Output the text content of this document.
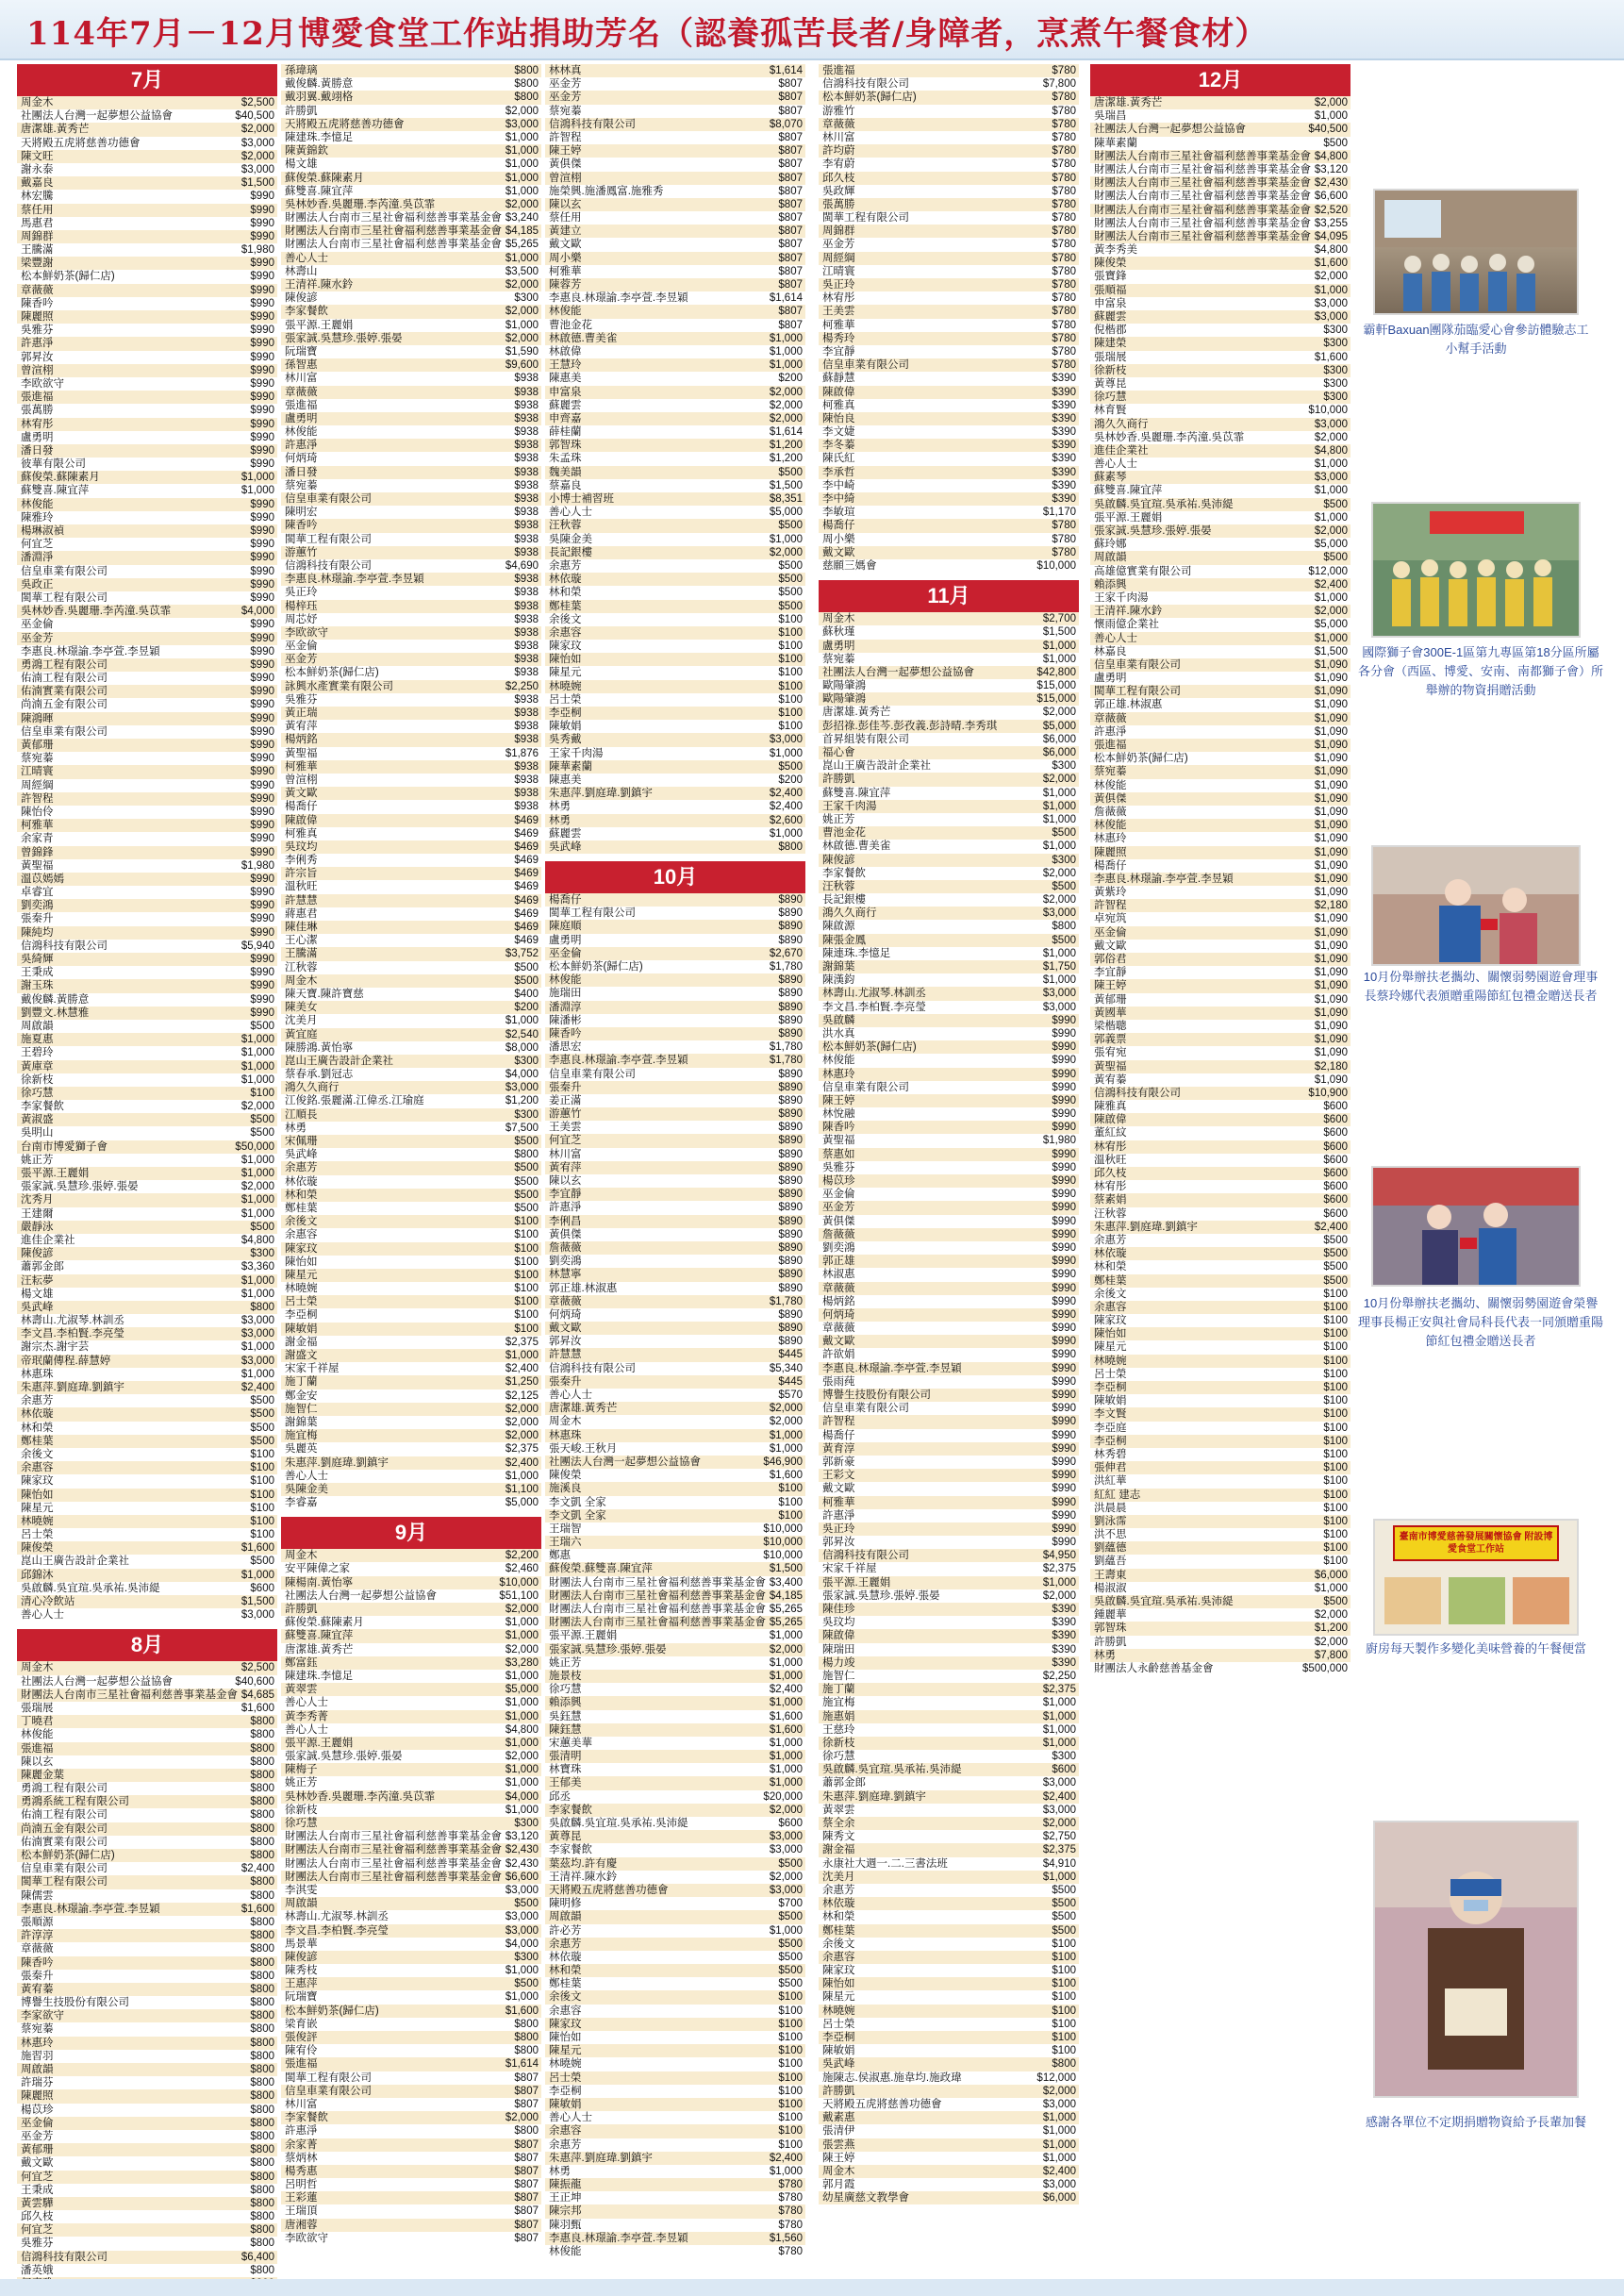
114年7月－12月博愛食堂工作站捐助芳名（認養孤苦長者/身障者，烹煮午餐食材）
7月
周金木	$2,500
社團法人台灣一起夢想公益協會	$40,500
唐潔雄.黃秀芒	$2,000
天將殿五虎將慈善功德會	$3,000
陳文旺	$2,000
謝永泰	$3,000
戴嘉良	$1,500
林宏騰	$990
蔡任用	$990
馬惠君	$990
周錦群	$990
王騰滿	$1,980
梁豐謝	$990
松本鮮奶茶(歸仁店)	$990
章薇薇	$990
陳香吟	$990
陳麗照	$990
吳雅芬	$990
許惠淨	$990
郭昇汝	$990
曾渲栩	$990
李欧欲守	$990
張進福	$990
張萬勝	$990
林宥彤	$990
盧勇明	$990
潘日發	$990
彼華有限公司	$990
蘇俊榮.蘇陳素月	$1,000
蘇雙喜.陳宜萍	$1,000
林俊能	$990
陳雅玲	$990
楊琳淑禎	$990
何宜芝	$990
潘淵淨	$990
信皇車業有限公司	$990
吳政正	$990
閩華工程有限公司	$990
吳林妙香.吳麗珊.李芮潼.吳苡霏	$4,000
巫金倫	$990
巫金芳	$990
李惠良.林璟諭.李亭萱.李昱穎	$990
勇鴻工程有限公司	$990
佑湳工程有限公司	$990
佑湳實業有限公司	$990
尚湳五金有限公司	$990
陳鴻暉	$990
信皇車業有限公司	$990
黃郁珊	$990
蔡宛蓁	$990
江晴寰	$990
周經綱	$990
許智程	$990
陳怡伶	$990
柯雅華	$990
余家青	$990
曾錦鋒	$990
黃聖福	$1,980
溫苡嫣嫣	$990
卓睿宜	$990
劉奕鴻	$990
張秦升	$990
陳純均	$990
信鴻科技有限公司	$5,940
吳綺輝	$990
王秉成	$990
謝玉珠	$990
戴俊麟.黃勝意	$990
劉豐文.林慧雅	$990
周啟韻	$500
施夏惠	$1,000
王碧玲	$1,000
黃庫章	$1,000
徐新枝	$1,000
徐巧慧	$100
李家餐飲	$2,000
黃淑盛	$500
吳明山	$500
台南市博愛獅子會	$50,000
姚正芳	$1,000
張平源.王麗娟	$1,000
張家誠.吳慧珍.張婷.張晏	$2,000
沈秀月	$1,000
王建爾	$1,000
嚴靜泳	$500
進佳企業社	$4,800
陳俊諺	$300
蕭郭金郎	$3,360
汪耘夢	$1,000
楊文雄	$1,000
吳武峰	$800
林壽山.尤淑琴.林訓丞	$3,000
李文昌.李柏賢.李亮瑩	$3,000
謝宗杰.謝宇芸	$1,000
帝珉蘭傳程.薛慧婷	$3,000
林惠珠	$1,000
朱惠萍.劉庭瑋.劉鎮宇	$2,400
余惠芳	$500
林依璇	$500
林和榮	$500
鄭桂葉	$500
余後文	$100
余惠容	$100
陳家玟	$100
陳怡如	$100
陳星元	$100
林曉婉	$100
呂士榮	$100
陳俊榮	$1,600
崑山王廣告設計企業社	$500
邱錦沐	$1,000
吳啟麟.吳宜瑄.吳承祐.吳沛緹	$600
清心冷飲站	$1,500
善心人士	$3,000
8月
周金木	$2,500
社團法人台灣一起夢想公益協會	$40,600
財團法人台南市三星社會福利慈善事業基金會 $4,685
張瑞展	$1,600
丁曉君	$800
林俊能	$800
張進福	$800
陳以玄	$800
陳麗金葉	$800
勇鴻工程有限公司	$800
勇鴻系統工程有限公司	$800
佑湳工程有限公司	$800
尚湳五金有限公司	$800
佑湳實業有限公司	$800
松本鮮奶茶(歸仁店)	$800
信皇車業有限公司	$2,400
閩華工程有限公司	$800
陳儒雲	$800
李惠良.林璟諭.李亭萱.李昱穎	$1,600
張順源	$800
許淳淳	$800
章薇薇	$800
陳香吟	$800
張秦升	$800
黃宥蓁	$800
博譽生技股份有限公司	$800
李家欲守	$800
蔡宛蓁	$800
林惠玲	$800
施習羽	$800
周啟韻	$800
許瑞芬	$800
陳麗照	$800
楊苡珍	$800
巫金倫	$800
巫金芳	$800
黃郁珊	$800
戴文歐	$800
何宜芝	$800
王秉成	$800
黃雲驊	$800
邱久枝	$800
何宜芝	$800
吳雅芬	$800
信鴻科技有限公司	$6,400
潘英娥	$800
孫瑋璃	$800
戴俊麟.黃勝意	$800
戴羽翼.戴翊格	$800
許勝凱	$2,000
天將殿五虎將慈善功德會	$3,000
陳建珠.李憶足	$1,000
陳黃錦欽	$1,000
楊文雄	$1,000
蘇俊榮.蘇陳素月	$1,000
蘇雙喜.陳宜萍	$1,000
吳林妙香.吳麗珊.李芮潼.吳苡霏	$2,000
財團法人台南市三星社會福利慈善事業基金會 $3,240
財團法人台南市三星社會福利慈善事業基金會 $4,185
財團法人台南市三星社會福利慈善事業基金會 $5,265
善心人士	$1,000
林壽山	$3,500
王清祥.陳水鈐	$2,000
陳俊諺	$300
李家餐飲	$2,000
張平源.王麗娟	$1,000
張家誠.吳慧珍.張婷.張晏	$2,000
阮瑞寶	$1,590
孫智惠	$9,600
林川富	$938
章薇薇	$938
張進福	$938
盧勇明	$938
林俊能	$938
許惠淨	$938
何炳琦	$938
潘日發	$938
蔡宛蓁	$938
信皇車業有限公司	$938
陳明宏	$938
陳香吟	$938
閩華工程有限公司	$938
游蕙竹	$938
信鴻科技有限公司	$4,690
李惠良.林璟諭.李亭萱.李昱穎	$938
吳正玲	$938
楊梓珏	$938
周芯妤	$938
李欧欲守	$938
巫金倫	$938
巫金芳	$938
松本鮮奶茶(歸仁店)	$938
詠興水產實業有限公司	$2,250
吳雅芬	$938
黃正瑞	$938
黃宥萍	$938
楊炳銘	$938
黃聖福	$1,876
柯雅華	$938
曾渲栩	$938
黃文歐	$938
楊喬仔	$938
陳啟偉	$469
柯雅真	$469
吳玟均	$469
李俐秀	$469
許宗旨	$469
溫秋旺	$469
許慧慧	$469
蔣惠君	$469
陳佳琳	$469
王心潔	$469
王騰滿	$3,752
江秋蓉	$500
周金木	$500
陳天寶.陳許寶慈	$400
陳美女	$200
沈美月	$1,000
黃宜庭	$2,540
陳勝鴻.黃怡寧	$8,000
崑山王廣告設計企業社	$300
蔡春承.劉冠志	$4,000
鴻久久商行	$3,000
江俊銘.張麗滿.江偉丞.江瑜庭	$1,200
江順長	$300
林勇	$7,500
宋佩珊	$500
吳武峰	$800
余惠芳	$500
林依璇	$500
林和榮	$500
鄭桂葉	$500
余後文	$100
余惠容	$100
陳家玟	$100
陳怡如	$100
陳星元	$100
林曉婉	$100
呂士榮	$100
李亞桐	$100
陳敏娟	$100
謝金福	$2,375
謝盛文	$1,000
宋家千祥屋	$2,400
施丁蘭	$1,250
鄭金安	$2,125
施智仁	$2,000
謝錦葉	$2,000
施宜梅	$2,000
吳麗英	$2,375
朱惠萍.劉庭瑋.劉鎮宇	$2,400
善心人士	$1,000
吳陳金美	$1,100
李睿嘉	$5,000
9月
周金木	$2,200
安平陳偉之家	$2,460
陳楊南.黃怡寧	$10,000
社團法人台灣一起夢想公益協會	$51,100
許勝凱	$2,000
蘇俊榮.蘇陳素月	$1,000
蘇雙喜.陳宜萍	$1,000
唐潔雄.黃秀芒	$2,000
鄭富鈺	$3,280
陳建珠.李憶足	$1,000
黃翠雲	$5,000
善心人士	$1,000
黃李秀菁	$1,000
善心人士	$4,800
張平源.王麗娟	$1,000
張家誠.吳慧珍.張婷.張晏	$2,000
陳梅子	$1,000
姚正芳	$1,000
吳林妙香.吳麗珊.李芮潼.吳苡霏	$4,000
徐新枝	$1,000
徐巧慧	$300
財團法人台南市三星社會福利慈善事業基金會 $3,120
財團法人台南市三星社會福利慈善事業基金會 $2,430
財團法人台南市三星社會福利慈善事業基金會 $2,430
財團法人台南市三星社會福利慈善事業基金會 $6,600
李淇雯	$3,000
周啟韻	$500
林壽山.尤淑琴.林訓丞	$3,000
李文昌.李柏賢.李亮瑩	$3,000
馬景華	$4,000
陳俊諺	$300
陳秀枝	$1,000
王惠萍	$500
阮瑞寶	$1,000
松本鮮奶茶(歸仁店)	$1,600
梁育嵌	$800
張俊評	$800
陳宥伶	$800
張進福	$1,614
閩華工程有限公司	$807
信皇車業有限公司	$807
林川富	$807
李家餐飲	$2,000
許惠淨	$800
余家菁	$807
蔡炳林	$807
楊秀惠	$807
呂明哲	$807
王彩蓮	$807
王瑞頂	$807
唐湘蓉	$807
李欧欲守	$807
林林真	$1,614
巫金芳	$807
巫金芳	$807
蔡宛蓁	$807
信鴻科技有限公司	$8,070
許智程	$807
陳王婷	$807
黃俱傑	$807
曾渲栩	$807
施榮興.施潘鳳富.施雅秀	$807
陳以玄	$807
蔡任用	$807
黃建立	$807
戴文歐	$807
周小樂	$807
柯雅華	$807
陳蓉芳	$807
李惠良.林璟諭.李亭萱.李昱穎	$1,614
林俊能	$807
曹池金花	$807
林啟德.曹美雀	$1,000
林啟偉	$1,000
王慧玲	$1,000
陳惠美	$200
申富泉	$2,000
蘇麗雲	$2,000
申齊嘉	$2,000
薛桂蘭	$1,614
郭智珠	$1,200
朱孟珠	$1,200
魏美韻	$500
蔡嘉良	$1,500
小博士補習班	$8,351
善心人士	$5,000
汪秋蓉	$500
吳陳金美	$1,000
長記銀樓	$2,000
余惠芳	$500
林依璇	$500
林和榮	$500
鄭桂葉	$500
余後文	$100
余惠容	$100
陳家玟	$100
陳怡如	$100
陳星元	$100
林曉婉	$100
呂士榮	$100
李亞桐	$100
陳敏娟	$100
吳秀戴	$3,000
王家千肉湯	$1,000
陳華素蘭	$500
陳惠美	$200
朱惠萍.劉庭瑋.劉鎮宇	$2,400
林勇	$2,400
林勇	$2,600
蘇麗雲	$1,000
吳武峰	$800
10月
楊喬仔	$890
閩華工程有限公司	$890
陳庭順	$890
盧勇明	$890
巫金倫	$2,670
松本鮮奶茶(歸仁店)	$1,780
林俊能	$890
施瑞田	$890
潘淵淳	$890
陳潘彬	$890
陳香吟	$890
潘思宏	$1,780
李惠良.林璟諭.李亭萱.李昱穎	$1,780
信皇車業有限公司	$890
張秦升	$890
姜正滿	$890
游蕙竹	$890
王美雲	$890
何宜芝	$890
林川富	$890
黃宥萍	$890
陳以玄	$890
李宜靜	$890
許惠淨	$890
李俐昌	$890
黃俱傑	$890
詹薇薇	$890
劉奕鴻	$890
林慧寧	$890
郭正雄.林淑惠	$890
章薇薇	$1,780
何炳琦	$890
戴文歐	$890
郭昇汝	$890
許慧慧	$445
信鴻科技有限公司	$5,340
張秦升	$445
善心人士	$570
唐潔雄.黃秀芒	$2,000
周金木	$2,000
林惠珠	$1,000
張天峻.王秋月	$1,000
社團法人台灣一起夢想公益協會	$46,900
陳俊榮	$1,600
施溪良	$100
李文凱 全家	$100
李文凱 全家	$100
王瑞智	$10,000
王瑞六	$10,000
鄭惠	$10,000
蘇俊榮.蘇雙喜.陳宜萍	$1,500
財團法人台南市三星社會福利慈善事業基金會 $3,400
財團法人台南市三星社會福利慈善事業基金會 $4,185
財團法人台南市三星社會福利慈善事業基金會 $5,265
財團法人台南市三星社會福利慈善事業基金會 $5,265
張平源.王麗娟	$1,000
張家誠.吳慧珍.張婷.張晏	$2,000
姚正芳	$1,000
施景枝	$1,000
徐巧慧	$2,400
賴添興	$1,000
吳鈺慧	$1,600
陳鈺慧	$1,600
宋蕙美華	$1,000
張清明	$1,000
林寶珠	$1,000
王郁美	$1,000
邱丞	$20,000
李家餐飲	$2,000
吳啟麟.吳宜瑄.吳承祐.吳沛緹	$600
黃尊昆	$3,000
李家餐飲	$3,000
葉茲均.許有慶	$500
王清祥.陳水鈐	$2,000
天將殿五虎將慈善功德會	$3,000
陳明修	$700
周啟韻	$500
許必芳	$1,000
余惠芳	$500
林依璇	$500
林和榮	$500
鄭桂葉	$500
余後文	$100
余惠容	$100
陳家玟	$100
陳怡如	$100
陳星元	$100
林曉婉	$100
呂士榮	$100
李亞桐	$100
陳敏娟	$100
善心人士	$100
余惠容	$100
余惠芳	$100
朱惠萍.劉庭瑋.劉鎮宇	$2,400
林勇	$1,000
陳振龍	$780
王正坤	$780
陳宗邦	$780
陳羽甄	$780
李惠良.林璟諭.李亭萱.李昱穎	$1,560
林俊能	$780
張進福	$780
信鴻科技有限公司	$7,800
松本鮮奶茶(歸仁店)	$780
游雅竹	$780
章薇薇	$780
林川富	$780
許均蔚	$780
李宥蔚	$780
邱久枝	$780
吳政輝	$780
張萬勝	$780
閩華工程有限公司	$780
周錦群	$780
巫金芳	$780
周經綱	$780
江晴寰	$780
吳正玲	$780
林宥彤	$780
王美雲	$780
柯雅華	$780
楊秀玲	$780
李宜靜	$780
信皇車業有限公司	$780
蘇靜慧	$390
陳啟偉	$390
柯雅真	$390
陳怡良	$390
李文婕	$390
李冬蓁	$390
陳氏紅	$390
李承哲	$390
李中崎	$390
李中綺	$390
李敏瑄	$1,170
楊喬仔	$780
周小樂	$780
戴文歐	$780
慈願三媽會	$10,000
11月
周金木	$2,700
蘇秋瑾	$1,500
盧勇明	$1,000
蔡宛蓁	$1,000
社團法人台灣一起夢想公益協會	$42,800
歐陽肇鴻	$15,000
歐陽肇鴻	$15,000
唐潔雄.黃秀芒	$2,000
彭招祿.彭佳芩.彭孜義.彭詩晴.李秀琪	$5,000
首昇組裝有限公司	$6,000
福心會	$6,000
崑山王廣告設計企業社	$300
許勝凱	$2,000
蘇雙喜.陳宜萍	$1,000
王家千肉湯	$1,000
姚正芳	$1,000
曹池金花	$500
林啟德.曹美雀	$1,000
陳俊諺	$300
李家餐飲	$2,000
汪秋蓉	$500
長記銀樓	$2,000
鴻久久商行	$3,000
陳啟源	$800
陳張金鳳	$500
陳連珠.李憶足	$1,000
謝錦葉	$1,750
陳漢鈞	$1,000
林壽山.尤淑琴.林訓丞	$3,000
李文昌.李柏賢.李亮瑩	$3,000
吳啟麟	$990
洪水真	$990
松本鮮奶茶(歸仁店)	$990
林俊能	$990
林惠玲	$990
信皇車業有限公司	$990
陳王婷	$990
林悅融	$990
陳香吟	$990
黃聖福	$1,980
蔡惠如	$990
吳雅芬	$990
楊苡珍	$990
巫金倫	$990
巫金芳	$990
黃俱傑	$990
詹薇薇	$990
劉奕鴻	$990
郭正雄	$990
林淑惠	$990
章薇薇	$990
楊炳銘	$990
何炳琦	$990
章薇薇	$990
戴文歐	$990
許欲娟	$990
李惠良.林璟諭.李亭萱.李昱穎	$990
張雨莼	$990
博譽生技股份有限公司	$990
信皇車業有限公司	$990
許智程	$990
楊喬仔	$990
黃育淳	$990
郭新豪	$990
王彩文	$990
戴文歐	$990
柯雅華	$990
許惠淨	$990
吳正玲	$990
郭昇汝	$990
信鴻科技有限公司	$4,950
宋家千祥屋	$2,375
張平源.王麗娟	$1,000
張家誠.吳慧珍.張婷.張晏	$2,000
陳佳珍	$390
吳玟均	$390
陳啟偉	$390
陳瑞田	$390
楊力竣	$390
施智仁	$2,250
施丁蘭	$2,375
施宜梅	$1,000
施惠娟	$1,000
王慈玲	$1,000
徐新枝	$1,000
徐巧慧	$300
吳啟麟.吳宜瑄.吳承祐.吳沛緹	$600
蕭郭金郎	$3,000
朱惠萍.劉庭瑋.劉鎮宇	$2,400
黃翠雲	$3,000
蔡全余	$2,000
陳秀文	$2,750
謝金福	$2,375
永康社大週一.二.三書法班	$4,910
沈美月	$1,000
余惠芳	$500
林依璇	$500
林和榮	$500
鄭桂葉	$500
余後文	$100
余惠容	$100
陳家玟	$100
陳怡如	$100
陳星元	$100
林曉婉	$100
呂士榮	$100
李亞桐	$100
陳敏娟	$100
吳武峰	$800
施陳志.侯淑惠.施韋均.施政瑋	$12,000
許勝凱	$2,000
天將殿五虎將慈善功德會	$3,000
戴素惠	$1,000
張清伊	$1,000
張雲燕	$1,000
陳王婷	$1,000
周金木	$2,400
郭月霞	$3,000
幼星廣慈文教學會	$6,000
12月
唐潔雄.黃秀芒	$2,000
吳瑞昌	$1,000
社團法人台灣一起夢想公益協會	$40,500
陳華素蘭	$500
財團法人台南市三星社會福利慈善事業基金會 $4,800
財團法人台南市三星社會福利慈善事業基金會 $3,120
財團法人台南市三星社會福利慈善事業基金會 $2,430
財團法人台南市三星社會福利慈善事業基金會 $6,600
財團法人台南市三星社會福利慈善事業基金會 $2,520
財團法人台南市三星社會福利慈善事業基金會 $3,255
財團法人台南市三星社會福利慈善事業基金會 $4,095
黃李秀美	$4,800
陳俊榮	$1,600
張寶鋒	$2,000
張順福	$1,000
申富泉	$3,000
蘇麗雲	$3,000
倪楷郡	$300
陳建榮	$300
張瑞展	$1,600
徐新枝	$300
黃尊昆	$300
徐巧慧	$300
林育賢	$10,000
鴻久久商行	$3,000
吳林妙香.吳麗珊.李芮潼.吳苡霏	$2,000
進佳企業社	$4,800
善心人士	$1,000
蘇素琴	$3,000
蘇雙喜.陳宜萍	$1,000
吳啟麟.吳宜瑄.吳承祐.吳沛緹	$500
張平源.王麗娟	$1,000
張家誠.吳慧珍.張婷.張晏	$2,000
蘇玲娜	$5,000
周啟韻	$500
高雄億實業有限公司	$12,000
賴添興	$2,400
王家千肉湯	$1,000
王清祥.陳水鈐	$2,000
懷雨億企業社	$5,000
善心人士	$1,000
林嘉良	$1,500
信皇車業有限公司	$1,090
盧勇明	$1,090
閩華工程有限公司	$1,090
郭正雄.林淑惠	$1,090
章薇薇	$1,090
許惠淨	$1,090
張進福	$1,090
松本鮮奶茶(歸仁店)	$1,090
蔡宛蓁	$1,090
林俊能	$1,090
黃俱傑	$1,090
詹薇薇	$1,090
林俊能	$1,090
林惠玲	$1,090
陳麗照	$1,090
楊喬仔	$1,090
李惠良.林璟諭.李亭萱.李昱穎	$1,090
黃紫玲	$1,090
許智程	$2,180
卓宛筑	$1,090
巫金倫	$1,090
戴文歐	$1,090
郭俗君	$1,090
李宜靜	$1,090
陳王婷	$1,090
黃郁珊	$1,090
黃國華	$1,090
梁楷聰	$1,090
郭義票	$1,090
張宥宛	$1,090
黃聖福	$2,180
黃宥蓁	$1,090
信鴻科技有限公司	$10,900
陳雅真	$600
陳啟偉	$600
董紅紋	$600
林宥彤	$600
溫秋旺	$600
邱久枝	$600
林宥彤	$600
蔡素娟	$600
汪秋蓉	$600
朱惠萍.劉庭瑋.劉鎮宇	$2,400
余惠芳	$500
林依璇	$500
林和榮	$500
鄭桂葉	$500
余後文	$100
余惠容	$100
陳家玟	$100
陳怡如	$100
陳星元	$100
林曉婉	$100
呂士榮	$100
李亞桐	$100
陳敏娟	$100
李文賢	$100
李亞庭	$100
李亞桐	$100
林秀碧	$100
張伸君	$100
洪紅華	$100
紅紅 建志	$100
洪晨晨	$100
劉泳霈	$100
洪不思	$100
劉蘊德	$100
劉蘊吾	$100
王壽東	$6,000
楊淑淑	$1,000
吳啟麟.吳宜瑄.吳承祐.吳沛緹	$500
鍾麗華	$2,000
郭智珠	$1,200
許勝凱	$2,000
林勇	$7,800
財團法人永齡慈善基金會	$500,000
霸軒Baxuan團隊茄臨愛心會參訪體驗志工小幫手活動
國際獅子會300E-1區第九專區第18分區所屬各分會（西區、博愛、安南、南都獅子會）所舉辦的物資捐贈活動
10月份舉辦扶老攜幼、關懷弱勢園遊會理事長蔡玲娜代表頒贈重陽節紅包禮金贈送長者
10月份舉辦扶老攜幼、關懷弱勢園遊會榮譽理事長楊正安與社會局科長代表一同頒贈重陽節紅包禮金贈送長者
臺南市博愛慈善發展關懷協會 附設博愛食堂工作站
廚房每天製作多變化美味營養的午餐便當
感謝各單位不定期捐贈物資給予長輩加餐
